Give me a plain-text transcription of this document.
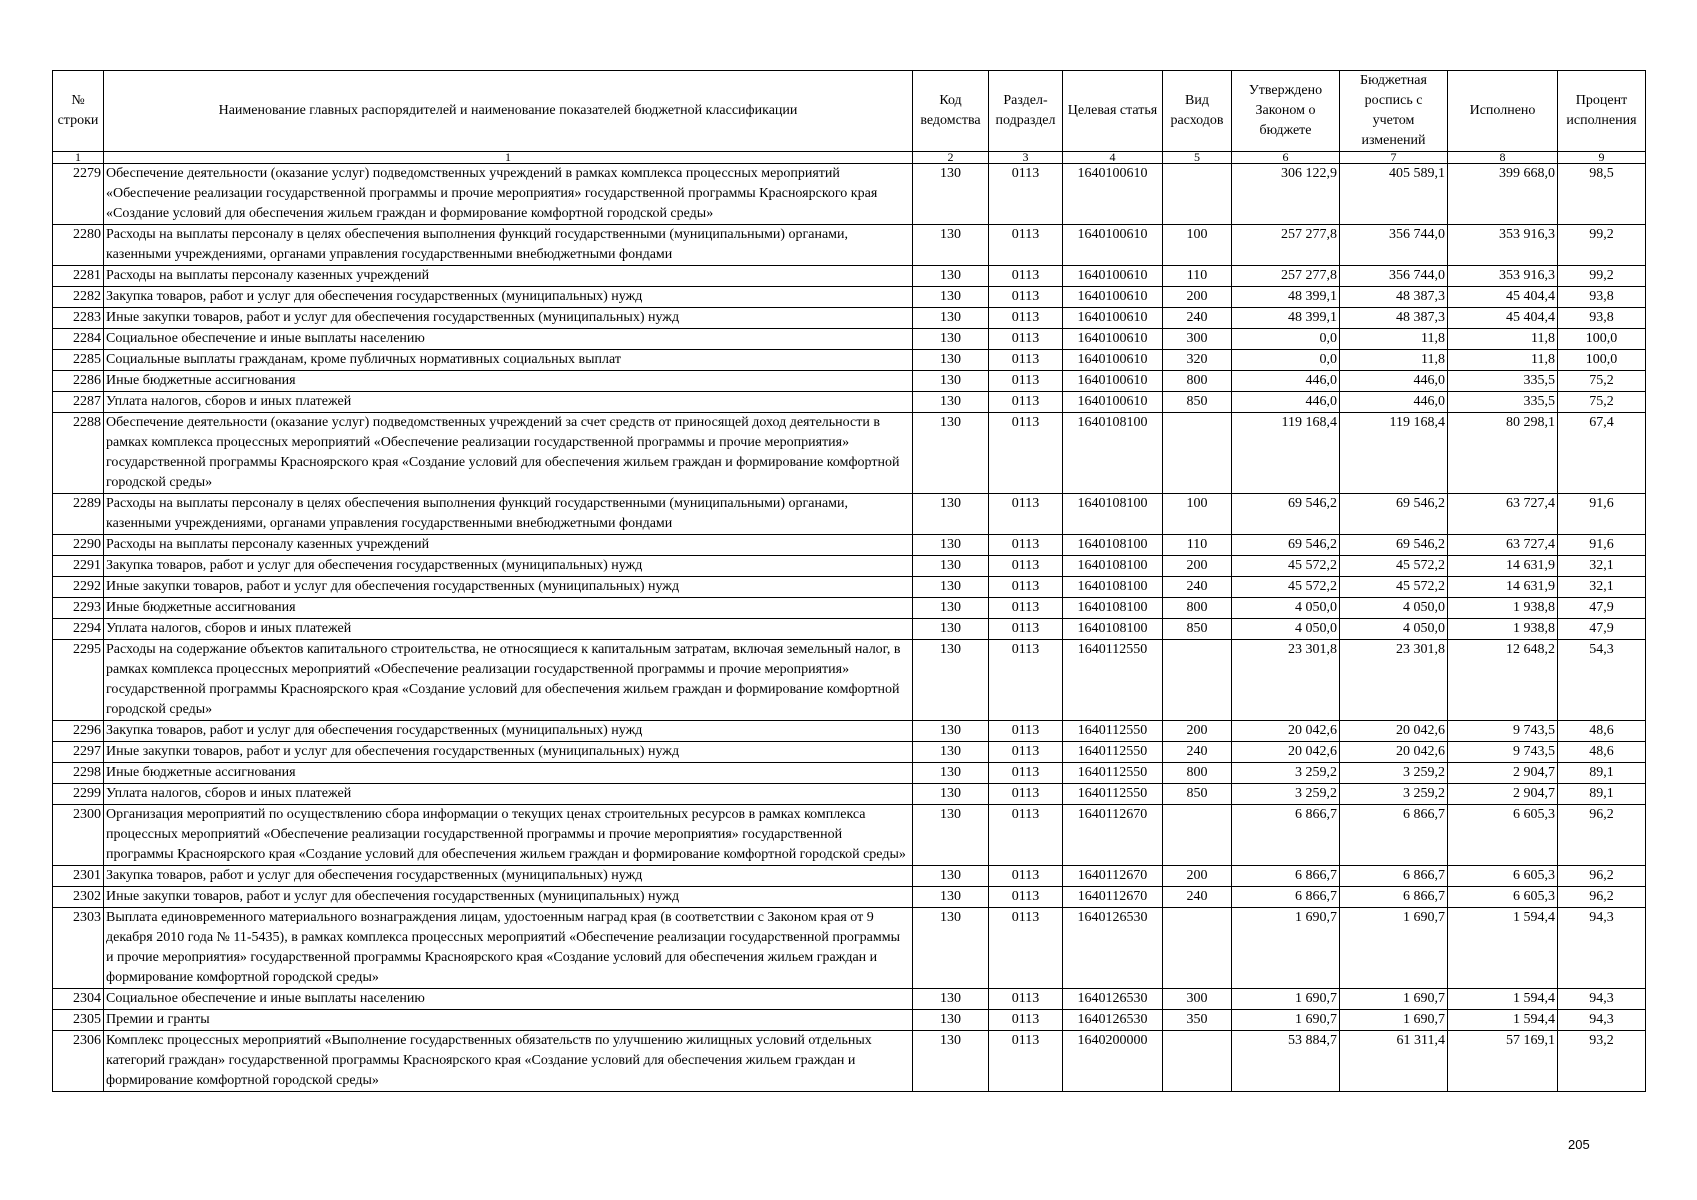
№ строки	Наименование главных распорядителей и наименование показателей бюджетной классификации	Код ведомства	Раздел-подраздел	Целевая статья	Вид расходов	Утверждено Законом о бюджете	Бюджетная роспись с учетом изменений	Исполнено	Процент исполнения
1	1	2	3	4	5	6	7	8	9
2279	Обеспечение деятельности (оказание услуг) подведомственных учреждений в рамках комплекса процессных мероприятий «Обеспечение реализации государственной программы и прочие мероприятия» государственной программы Красноярского края «Создание условий для обеспечения жильем граждан и формирование комфортной городской среды»	130	0113	1640100610		306 122,9	405 589,1	399 668,0	98,5
2280	Расходы на выплаты персоналу в целях обеспечения выполнения функций государственными (муниципальными) органами, казенными учреждениями, органами управления государственными внебюджетными фондами	130	0113	1640100610	100	257 277,8	356 744,0	353 916,3	99,2
2281	Расходы на выплаты персоналу казенных учреждений	130	0113	1640100610	110	257 277,8	356 744,0	353 916,3	99,2
2282	Закупка товаров, работ и услуг для обеспечения государственных (муниципальных) нужд	130	0113	1640100610	200	48 399,1	48 387,3	45 404,4	93,8
2283	Иные закупки товаров, работ и услуг для обеспечения государственных (муниципальных) нужд	130	0113	1640100610	240	48 399,1	48 387,3	45 404,4	93,8
2284	Социальное обеспечение и иные выплаты населению	130	0113	1640100610	300	0,0	11,8	11,8	100,0
2285	Социальные выплаты гражданам, кроме публичных нормативных социальных выплат	130	0113	1640100610	320	0,0	11,8	11,8	100,0
2286	Иные бюджетные ассигнования	130	0113	1640100610	800	446,0	446,0	335,5	75,2
2287	Уплата налогов, сборов и иных платежей	130	0113	1640100610	850	446,0	446,0	335,5	75,2
2288	Обеспечение деятельности (оказание услуг) подведомственных учреждений за счет средств от приносящей доход деятельности в рамках комплекса процессных мероприятий «Обеспечение реализации государственной программы и прочие мероприятия» государственной программы Красноярского края «Создание условий для обеспечения жильем граждан и формирование комфортной городской среды»	130	0113	1640108100		119 168,4	119 168,4	80 298,1	67,4
2289	Расходы на выплаты персоналу в целях обеспечения выполнения функций государственными (муниципальными) органами, казенными учреждениями, органами управления государственными внебюджетными фондами	130	0113	1640108100	100	69 546,2	69 546,2	63 727,4	91,6
2290	Расходы на выплаты персоналу казенных учреждений	130	0113	1640108100	110	69 546,2	69 546,2	63 727,4	91,6
2291	Закупка товаров, работ и услуг для обеспечения государственных (муниципальных) нужд	130	0113	1640108100	200	45 572,2	45 572,2	14 631,9	32,1
2292	Иные закупки товаров, работ и услуг для обеспечения государственных (муниципальных) нужд	130	0113	1640108100	240	45 572,2	45 572,2	14 631,9	32,1
2293	Иные бюджетные ассигнования	130	0113	1640108100	800	4 050,0	4 050,0	1 938,8	47,9
2294	Уплата налогов, сборов и иных платежей	130	0113	1640108100	850	4 050,0	4 050,0	1 938,8	47,9
2295	Расходы на содержание объектов капитального строительства, не относящиеся к капитальным затратам, включая земельный налог, в рамках комплекса процессных мероприятий «Обеспечение реализации государственной программы и прочие мероприятия» государственной программы Красноярского края «Создание условий для обеспечения жильем граждан и формирование комфортной городской среды»	130	0113	1640112550		23 301,8	23 301,8	12 648,2	54,3
2296	Закупка товаров, работ и услуг для обеспечения государственных (муниципальных) нужд	130	0113	1640112550	200	20 042,6	20 042,6	9 743,5	48,6
2297	Иные закупки товаров, работ и услуг для обеспечения государственных (муниципальных) нужд	130	0113	1640112550	240	20 042,6	20 042,6	9 743,5	48,6
2298	Иные бюджетные ассигнования	130	0113	1640112550	800	3 259,2	3 259,2	2 904,7	89,1
2299	Уплата налогов, сборов и иных платежей	130	0113	1640112550	850	3 259,2	3 259,2	2 904,7	89,1
2300	Организация мероприятий по осуществлению сбора информации о текущих ценах строительных ресурсов в рамках комплекса процессных мероприятий «Обеспечение реализации государственной программы и прочие мероприятия» государственной программы Красноярского края «Создание условий для обеспечения жильем граждан и формирование комфортной городской среды»	130	0113	1640112670		6 866,7	6 866,7	6 605,3	96,2
2301	Закупка товаров, работ и услуг для обеспечения государственных (муниципальных) нужд	130	0113	1640112670	200	6 866,7	6 866,7	6 605,3	96,2
2302	Иные закупки товаров, работ и услуг для обеспечения государственных (муниципальных) нужд	130	0113	1640112670	240	6 866,7	6 866,7	6 605,3	96,2
2303	Выплата единовременного материального вознаграждения лицам, удостоенным наград края (в соответствии с Законом края от 9 декабря 2010 года № 11-5435), в рамках комплекса процессных мероприятий «Обеспечение реализации государственной программы и прочие мероприятия» государственной программы Красноярского края «Создание условий для обеспечения жильем граждан и формирование комфортной городской среды»	130	0113	1640126530		1 690,7	1 690,7	1 594,4	94,3
2304	Социальное обеспечение и иные выплаты населению	130	0113	1640126530	300	1 690,7	1 690,7	1 594,4	94,3
2305	Премии и гранты	130	0113	1640126530	350	1 690,7	1 690,7	1 594,4	94,3
2306	Комплекс процессных мероприятий «Выполнение государственных обязательств по улучшению жилищных условий отдельных категорий граждан» государственной программы Красноярского края «Создание условий для обеспечения жильем граждан и формирование комфортной городской среды»	130	0113	1640200000		53 884,7	61 311,4	57 169,1	93,2
205
